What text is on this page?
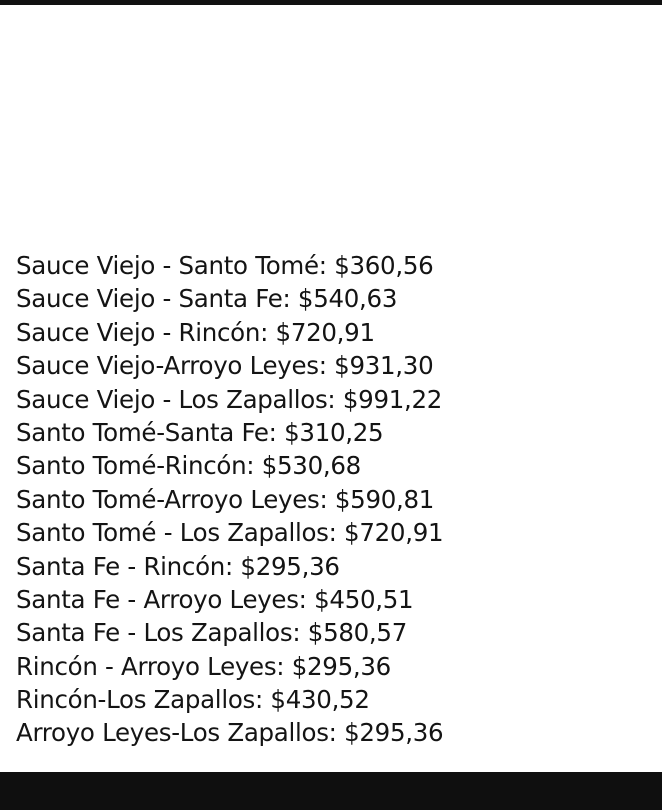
Sauce Viejo - Santo Tomé: $360,56
Sauce Viejo - Santa Fe: $540,63
Sauce Viejo - Rincón: $720,91
Sauce Viejo-Arroyo Leyes: $931,30
Sauce Viejo - Los Zapallos: $991,22
Santo Tomé-Santa Fe: $310,25
Santo Tomé-Rincón: $530,68
Santo Tomé-Arroyo Leyes: $590,81
Santo Tomé - Los Zapallos: $720,91
Santa Fe - Rincón: $295,36
Santa Fe - Arroyo Leyes: $450,51
Santa Fe - Los Zapallos: $580,57
Rincón - Arroyo Leyes: $295,36
Rincón-Los Zapallos: $430,52
Arroyo Leyes-Los Zapallos: $295,36
